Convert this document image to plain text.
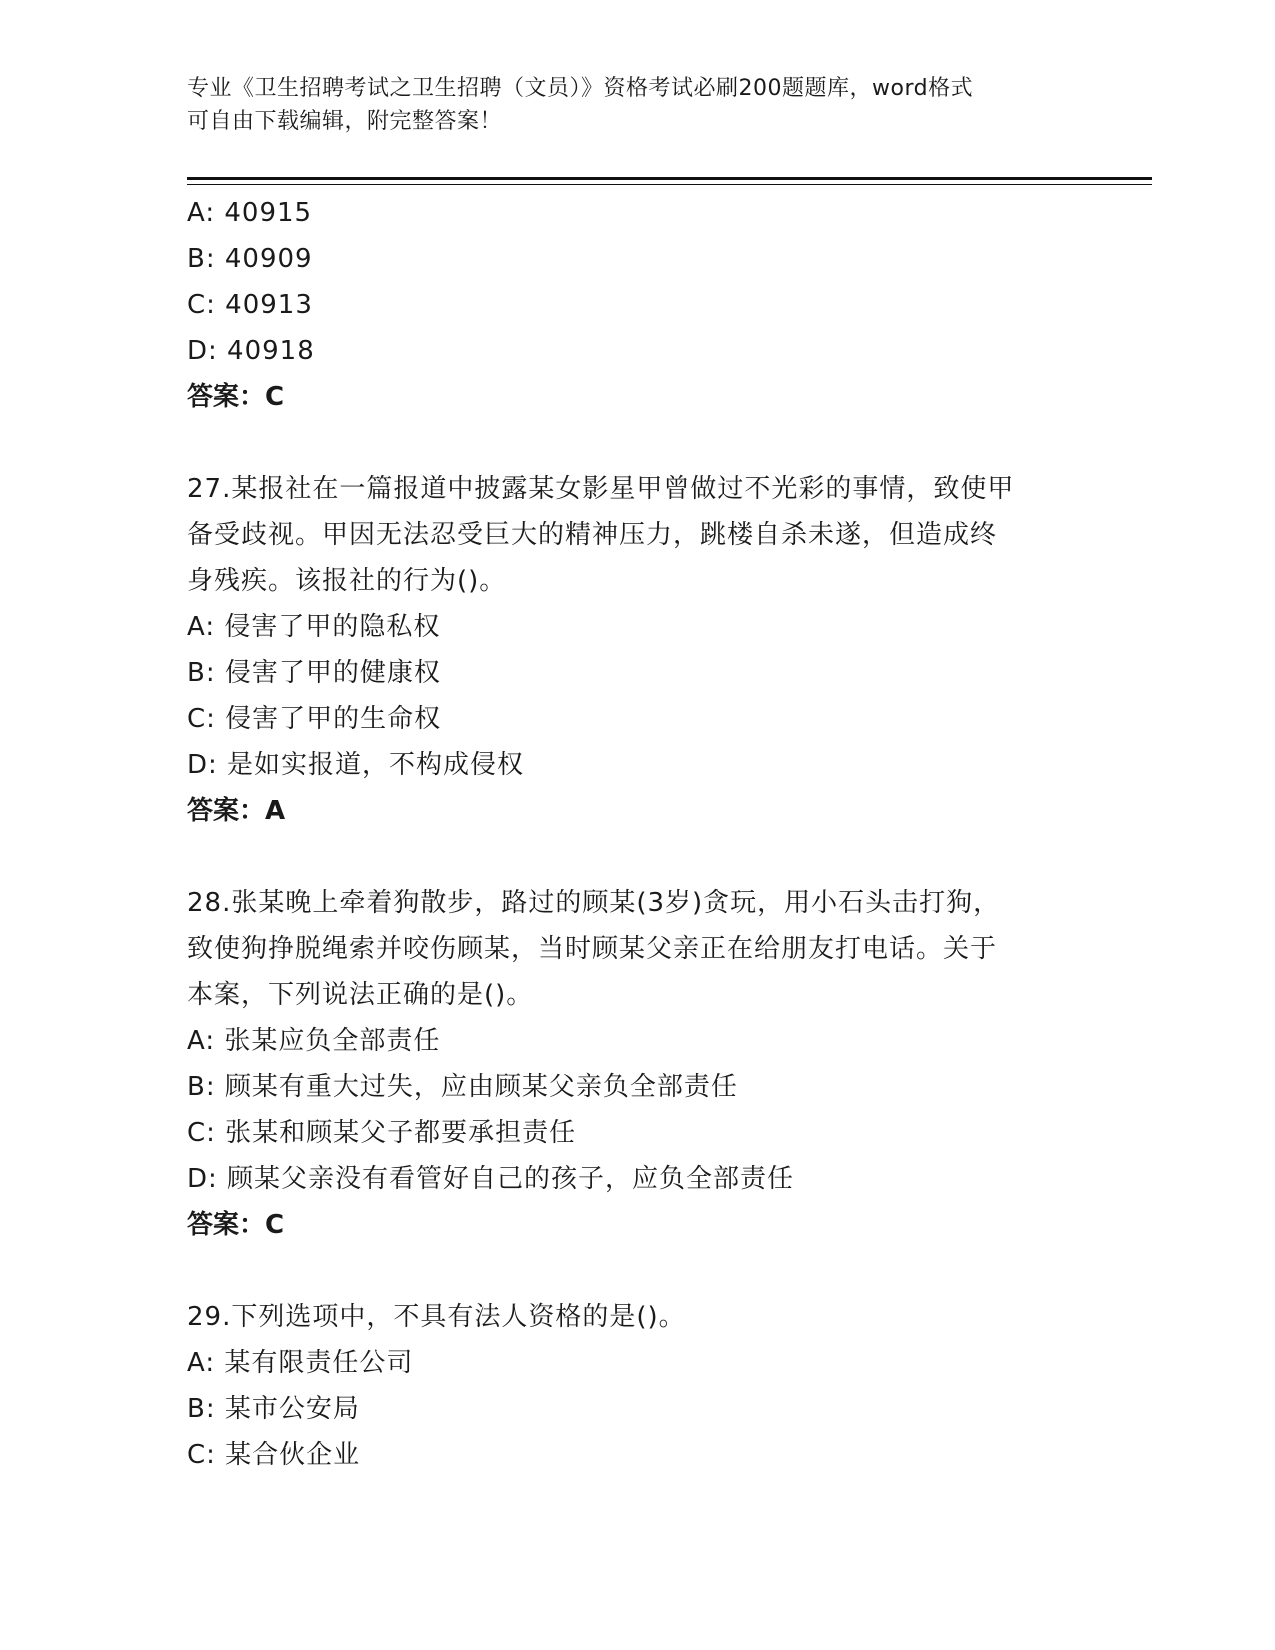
专业《卫生招聘考试之卫生招聘（文员）》资格考试必刷200题题库，word格式
可自由下载编辑，附完整答案！
A: 40915
B: 40909
C: 40913
D: 40918
答案：C
27.某报社在一篇报道中披露某女影星甲曾做过不光彩的事情，致使甲
备受歧视。甲因无法忍受巨大的精神压力，跳楼自杀未遂，但造成终
身残疾。该报社的行为()。
A: 侵害了甲的隐私权
B: 侵害了甲的健康权
C: 侵害了甲的生命权
D: 是如实报道，不构成侵权
答案：A
28.张某晚上牵着狗散步，路过的顾某(3岁)贪玩，用小石头击打狗，
致使狗挣脱绳索并咬伤顾某，当时顾某父亲正在给朋友打电话。关于
本案，下列说法正确的是()。
A: 张某应负全部责任
B: 顾某有重大过失，应由顾某父亲负全部责任
C: 张某和顾某父子都要承担责任
D: 顾某父亲没有看管好自己的孩子，应负全部责任
答案：C
29.下列选项中，不具有法人资格的是()。
A: 某有限责任公司
B: 某市公安局
C: 某合伙企业
